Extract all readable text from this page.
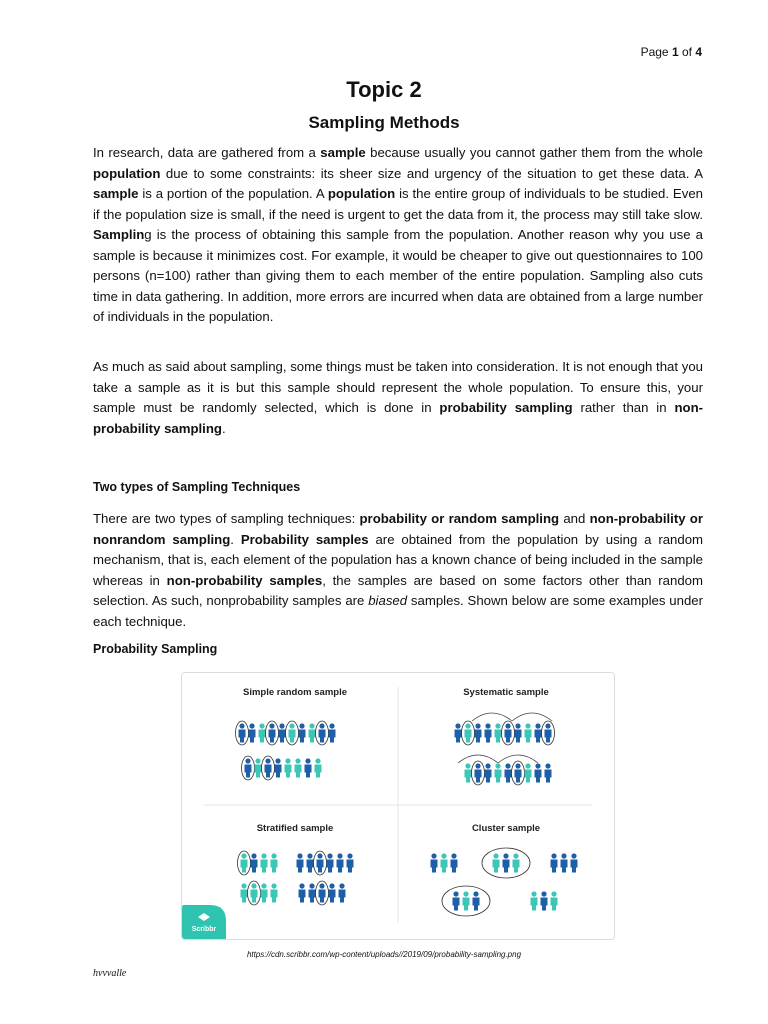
Page 1 of 4
Topic 2
Sampling Methods
In research, data are gathered from a sample because usually you cannot gather them from the whole population due to some constraints: its sheer size and urgency of the situation to get these data. A sample is a portion of the population. A population is the entire group of individuals to be studied. Even if the population size is small, if the need is urgent to get the data from it, the process may still take slow. Sampling is the process of obtaining this sample from the population. Another reason why you use a sample is because it minimizes cost. For example, it would be cheaper to give out questionnaires to 100 persons (n=100) rather than giving them to each member of the entire population. Sampling also cuts time in data gathering. In addition, more errors are incurred when data are obtained from a large number of individuals in the population.
As much as said about sampling, some things must be taken into consideration. It is not enough that you take a sample as it is but this sample should represent the whole population. To ensure this, your sample must be randomly selected, which is done in probability sampling rather than in non-probability sampling.
Two types of Sampling Techniques
There are two types of sampling techniques: probability or random sampling and non-probability or nonrandom sampling. Probability samples are obtained from the population by using a random mechanism, that is, each element of the population has a known chance of being included in the sample whereas in non-probability samples, the samples are based on some factors other than random selection. As such, nonprobability samples are biased samples. Shown below are some examples under each technique.
Probability Sampling
Simple random sample	Systematic sample
Stratified sample	Cluster sample
Scribbr
https://cdn.scribbr.com/wp-content/uploads//2019/09/probability-sampling.png
hvvvalle
